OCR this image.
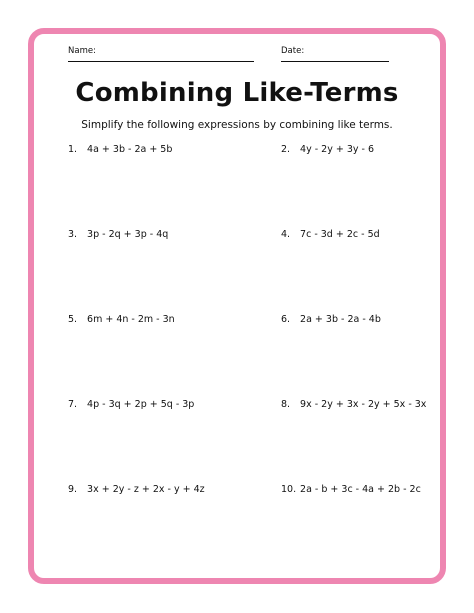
Name:	Date:
Combining Like-Terms
Simplify the following expressions by combining like terms.
1. 4a + 3b - 2a + 5b	2. 4y - 2y + 3y - 6
3. 3p - 2q + 3p - 4q	4. 7c - 3d + 2c - 5d
5. 6m + 4n - 2m - 3n	6. 2a + 3b - 2a - 4b
7. 4p - 3q + 2p + 5q - 3p	8. 9x - 2y + 3x - 2y + 5x - 3x
9. 3x + 2y - z + 2x - y + 4z	10. 2a - b + 3c - 4a + 2b - 2c
